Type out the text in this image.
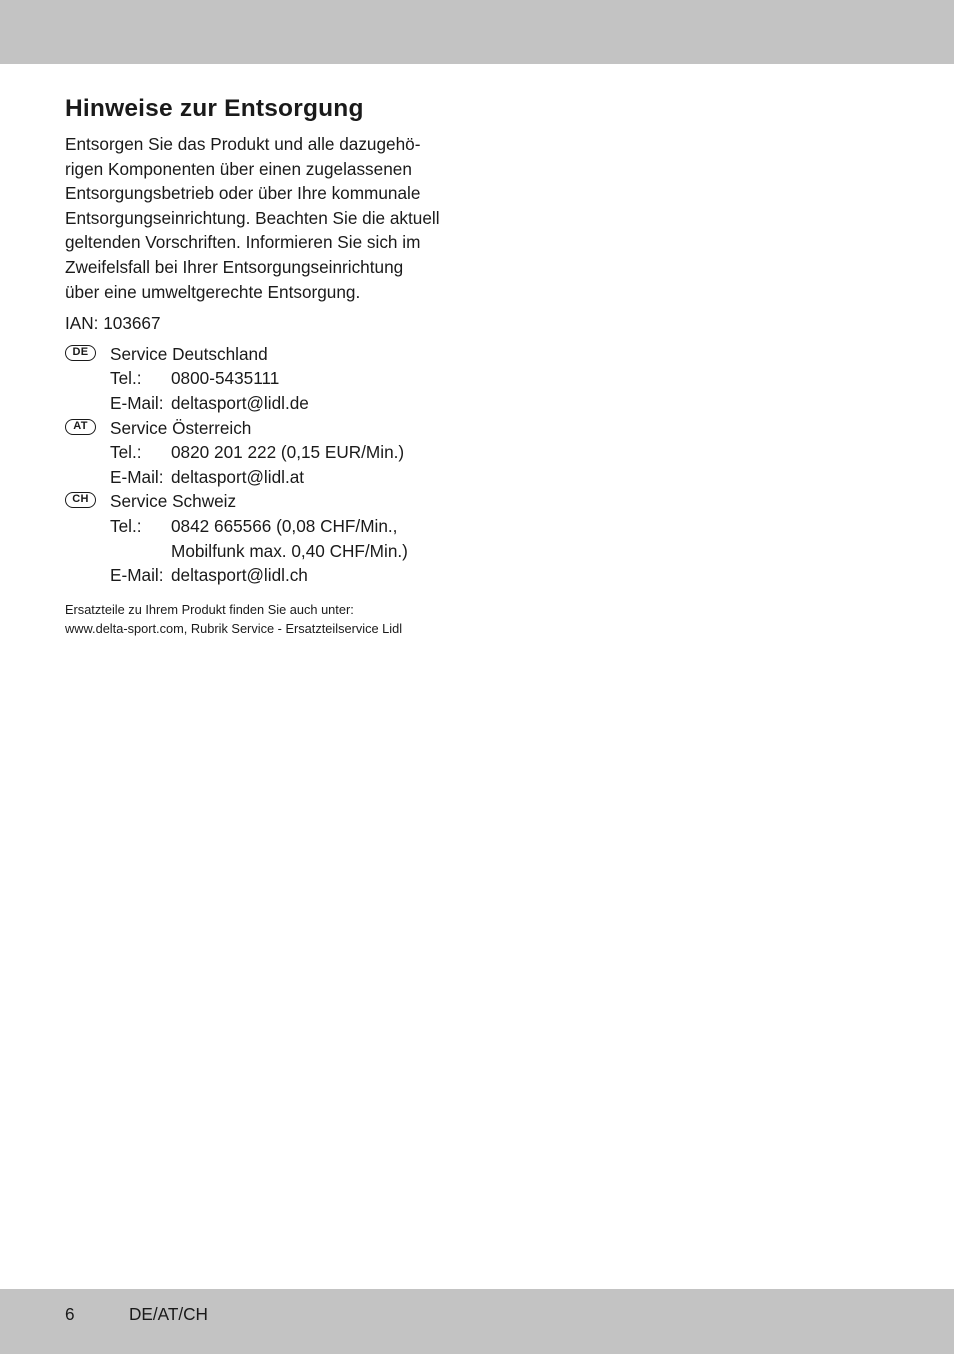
Hinweise zur Entsorgung

Entsorgen Sie das Produkt und alle dazugehö-
rigen Komponenten über einen zugelassenen
Entsorgungsbetrieb oder über Ihre kommunale
Entsorgungseinrichtung. Beachten Sie die aktuell
geltenden Vorschriften. Informieren Sie sich im
Zweifelsfall bei Ihrer Entsorgungseinrichtung
über eine umweltgerechte Entsorgung.

IAN: 103667
DE	Service Deutschland
Tel.:	0800-5435111
E-Mail: deltasport@lidl.de
AT	Service Österreich
Tel.:	0820 201 222 (0,15 EUR/Min.)
E-Mail: deltasport@lidl.at
CH	Service Schweiz
Tel.:	0842 665566 (0,08 CHF/Min.,
Mobilfunk max. 0,40 CHF/Min.)
E-Mail: deltasport@lidl.ch
Ersatzteile zu Ihrem Produkt finden Sie auch unter:
www.delta-sport.com, Rubrik Service - Ersatzteilservice Lidl
6	DE/AT/CH
